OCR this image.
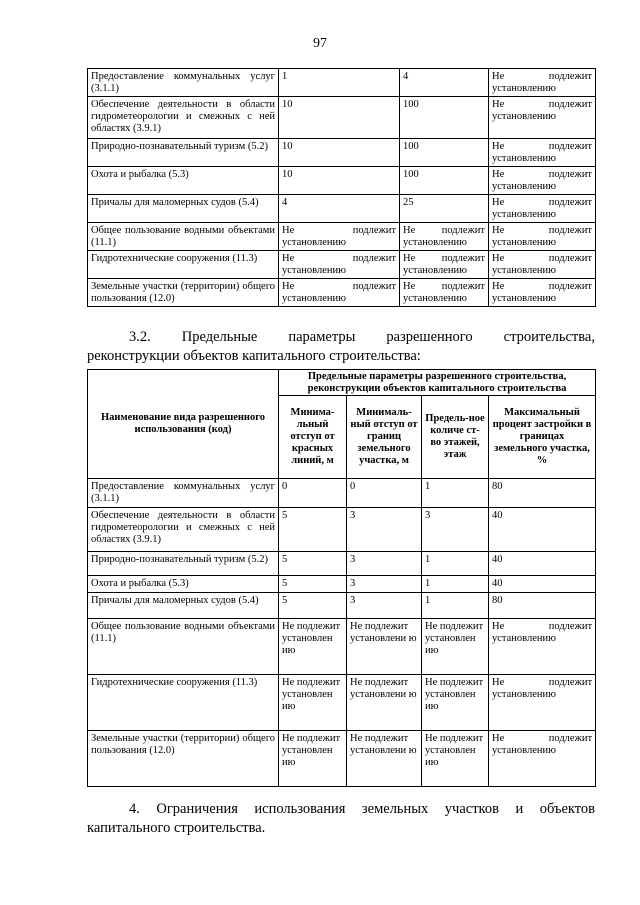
97
Предоставление коммунальных услуг (3.1.1)	1	4	Не подлежит установлению
Обеспечение деятельности в области гидрометеорологии и смежных с ней областях (3.9.1)	10	100	Не подлежит установлению
Природно-познавательный туризм (5.2)	10	100	Не подлежит установлению
Охота и рыбалка (5.3)	10	100	Не подлежит установлению
Причалы для маломерных судов (5.4)	4	25	Не подлежит установлению
Общее пользование водными объектами (11.1)	Не подлежит установлению	Не подлежит установлению	Не подлежит установлению
Гидротехнические сооружения (11.3)	Не подлежит установлению	Не подлежит установлению	Не подлежит установлению
Земельные участки (территории) общего пользования (12.0)	Не подлежит установлению	Не подлежит установлению	Не подлежит установлению
3.2. Предельные параметры разрешенного строительства,
реконструкции объектов капитального строительства:
Наименование вида разрешенного использования (код)	Предельные параметры разрешенного строительства, реконструкции объектов капитального строительства			
	Минима-льный отступ от красных линий, м	Минималь-ный отступ от границ земельного участка, м	Предель-ное количе ст-во этажей, этаж	Максимальный процент застройки в границах земельного участка, %
Предоставление коммунальных услуг (3.1.1)	0	0	1	80
Обеспечение деятельности в области гидрометеорологии и смежных с ней областях (3.9.1)	5	3	3	40
Природно-познавательный туризм (5.2)	5	3	1	40
Охота и рыбалка (5.3)	5	3	1	40
Причалы для маломерных судов (5.4)	5	3	1	80
Общее пользование водными объектами (11.1)	Не подлежит установлен ию	Не подлежит установлени ю	Не подлежит установлен ию	Не подлежит установлению
Гидротехнические сооружения (11.3)	Не подлежит установлен ию	Не подлежит установлени ю	Не подлежит установлен ию	Не подлежит установлению
Земельные участки (территории) общего пользования (12.0)	Не подлежит установлен ию	Не подлежит установлени ю	Не подлежит установлен ию	Не подлежит установлению
4. Ограничения использования земельных участков и объектов
капитального строительства.
